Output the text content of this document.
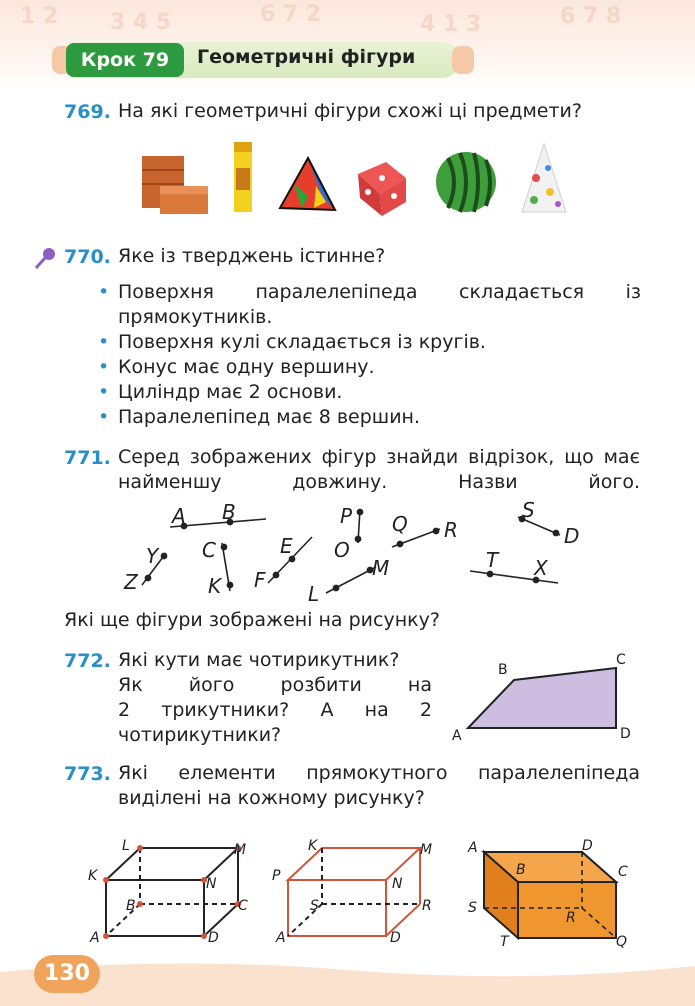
1 2 3 4 5	6 7 2	4 1 3	6 7 8
Крок 79	Геометричні фігури
769. На які геометричні фігури схожі ці предмети?
770. Яке із тверджень істинне?
• Поверхня паралелепіпеда складається із прямокутників.
• Поверхня кулі складається із кругів.
• Конус має одну вершину.
• Циліндр має 2 основи.
• Паралелепіпед має 8 вершин.
771. Серед зображених фігур знайди відрізок, що має найменшу довжину. Назви його.
A B
Y
Z
C
K
E
F
P
O
Q R
L
M
S
D
T X
Які ще фігури зображені на рисунку?
772. Які кути має чотирикутник?
Як його розбити на
2 трикутники? А на 2
чотирикутники?	A
B
C
D
773. Які елементи прямокутного паралелепіпеда
виділені на кожному рисунку?
L	M
K	N
B	C
A	D
K	M
P	N
S	R
A	D
A	D
B	C
S
R
T	Q
130
